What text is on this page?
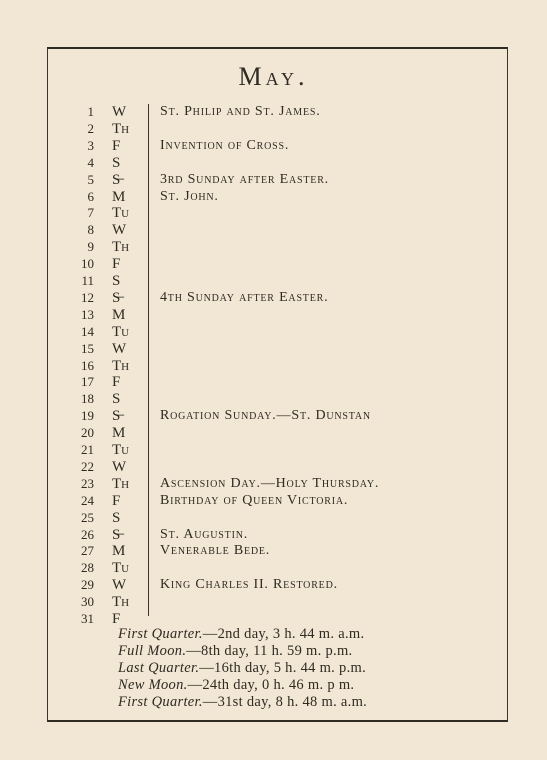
May.
1 W	St. Philip and St. James.
2 Th
3 F	Invention of Cross.
4 S
5 S̶	3rd Sunday after Easter.
6 M	St. John.
7 Tu
8 W
9 Th
10 F
11 S
12 S̶	4th Sunday after Easter.
13 M
14 Tu
15 W
16 Th
17 F
18 S
19 S̶	Rogation Sunday.—St. Dunstan
20 M
21 Tu
22 W
23 Th	Ascension Day.—Holy Thursday.
24 F	Birthday of Queen Victoria.
25 S
26 S̶	St. Augustin.
27 M	Venerable Bede.
28 Tu
29 W	King Charles II. Restored.
30 Th
31 F
First Quarter.—2nd day, 3 h. 44 m. a.m.
Full Moon.—8th day, 11 h. 59 m. p.m.
Last Quarter.—16th day, 5 h. 44 m. p.m.
New Moon.—24th day, 0 h. 46 m. p m.
First Quarter.—31st day, 8 h. 48 m. a.m.
